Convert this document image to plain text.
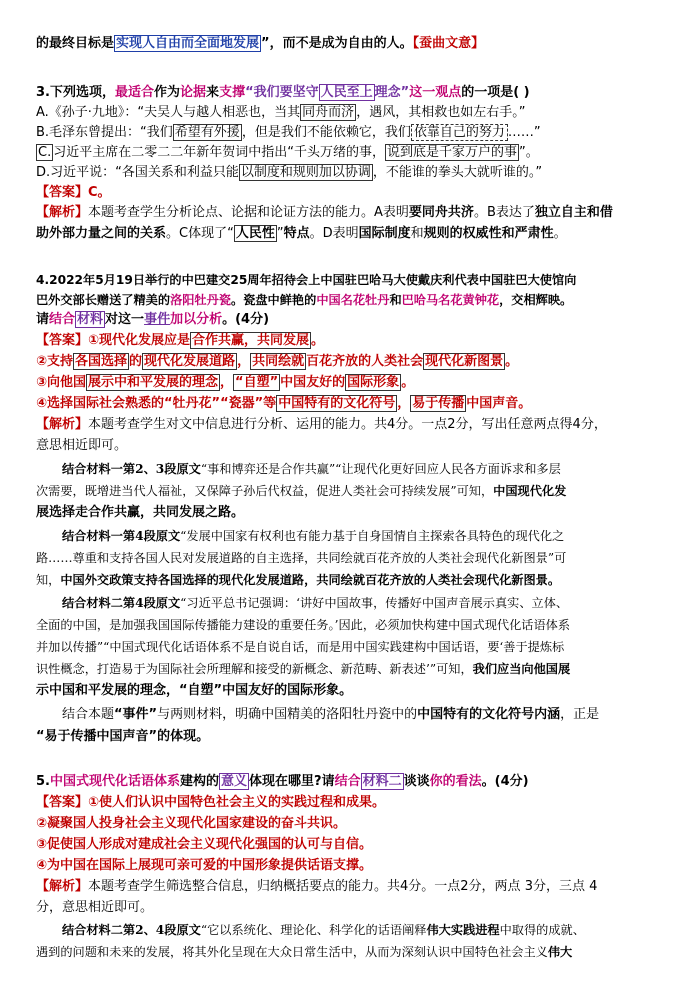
的最终目标是 实现人自由而全面地发展 ”，而不是成为自由的人。【蚕曲文意】
3.下列选项，最适合作为论据来支撑“我们要坚守 人民至上 理念”这一观点的一项是( )
A.《孙子·九地》：“夫吴人与越人相恶也，当其 同舟而济 ，遇风，其相救也如左右手。”
B.毛泽东曾提出：“我们 希望有外援 ，但是我们不能依赖它，我们 依靠自己的努力 ……”
C. 习近平主席在二零二二年新年贺词中指出“千头万绪的事， 说到底是千家万户的事 ”。
D.习近平说：“各国关系和利益只能 以制度和规则加以协调 ，不能谁的拳头大就听谁的。”
【答案】C。
【解析】本题考查学生分析论点、论据和论证方法的能力。A表明要同舟共济。B表达了独立自主和借
助外部力量之间的关系。C体现了“ 人民性 ”特点。D表明国际制度和规则的权威性和严肃性。
4.2022年5月19日举行的中巴建交25周年招待会上中国驻巴哈马大使戴庆利代表中国驻巴大使馆向
巴外交部长赠送了精美的洛阳牡丹瓷。瓷盘中鲜艳的中国名花牡丹和巴哈马名花黄钟花，交相辉映。
请结合 材料 对这一事件加以分析。(4分)
【答案】①现代化发展应是 合作共赢，共同发展 。
②支持 各国选择 的 现代化发展道路 ， 共同绘就 百花齐放的人类社会 现代化新图景 。
③向他国 展示中和平发展的理念 ， “自塑” 中国友好的 国际形象 。
④选择国际社会熟悉的“牡丹花”“瓷器”等 中国特有的文化符号 ， 易于传播 中国声音。
【解析】本题考查学生对文中信息进行分析、运用的能力。共4分。一点2分，写出任意两点得4分，
意思相近即可。
结合材料一第2、3段原文“事和博弈还是合作共赢”“让现代化更好回应人民各方面诉求和多层
次需要，既增进当代人福祉，又保障子孙后代权益，促进人类社会可持续发展”可知，中国现代化发
展选择走合作共赢，共同发展之路。
结合材料一第4段原文“发展中国家有权利也有能力基于自身国情自主探索各具特色的现代化之
路……尊重和支持各国人民对发展道路的自主选择，共同绘就百花齐放的人类社会现代化新图景”可
知，中国外交政策支持各国选择的现代化发展道路，共同绘就百花齐放的人类社会现代化新图景。
结合材料二第4段原文“习近平总书记强调：‘讲好中国故事，传播好中国声音展示真实、立体、
全面的中国，是加强我国国际传播能力建设的重要任务。’因此，必须加快构建中国式现代化话语体系
并加以传播”“中国式现代化话语体系不是自说自话，而是用中国实践建构中国话语，要‘善于提炼标
识性概念，打造易于为国际社会所理解和接受的新概念、新范畴、新表述’”可知，我们应当向他国展
示中国和平发展的理念，“自塑”中国友好的国际形象。
结合本题“事件”与两则材料，明确中国精美的洛阳牡丹瓷中的中国特有的文化符号内涵，正是
“易于传播中国声音”的体现。
5.中国式现代化话语体系建构的 意义 体现在哪里?请结合 材料二 谈谈你的看法。(4分)
【答案】①使人们认识中国特色社会主义的实践过程和成果。
②凝聚国人投身社会主义现代化国家建设的奋斗共识。
③促使国人形成对建成社会主义现代化强国的认可与自信。
④为中国在国际上展现可亲可爱的中国形象提供话语支撑。
【解析】本题考查学生筛选整合信息，归纳概括要点的能力。共4分。一点2分，两点 3分，三点 4
分，意思相近即可。
结合材料二第2、4段原文“它以系统化、理论化、科学化的话语阐释伟大实践进程中取得的成就、
遇到的问题和未来的发展，将其外化呈现在大众日常生活中，从而为深刻认识中国特色社会主义伟大
